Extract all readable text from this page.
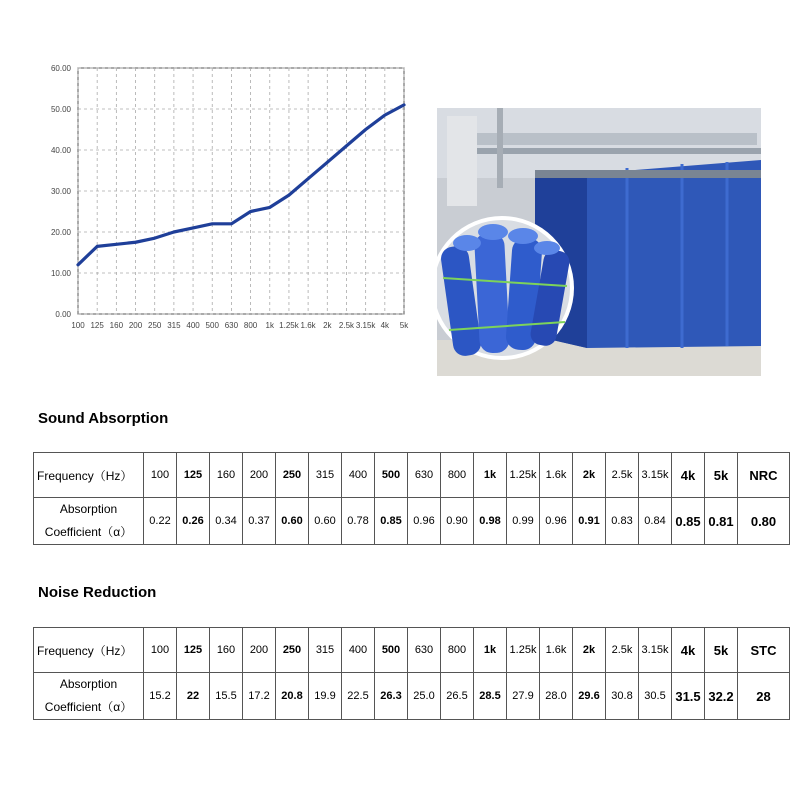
0.00
10.00
20.00
30.00
40.00
50.00
60.00
100 125 160 200 250 315 400 500 630 800 1k 1.25k 1.6k 2k 2.5k 3.15k 4k 5k
Sound Absorption
Frequency（Hz）	100	125	160	200	250	315	400	500	630	800	1k	1.25k	1.6k	2k	2.5k	3.15k	4k	5k	NRC

Absorption
Coefficient（α）	0.22	0.26	0.34	0.37	0.60	0.60	0.78	0.85	0.96	0.90	0.98	0.99	0.96	0.91	0.83	0.84	0.85	0.81	0.80
Noise Reduction
Frequency（Hz）	100	125	160	200	250	315	400	500	630	800	1k	1.25k	1.6k	2k	2.5k	3.15k	4k	5k	STC

Absorption
Coefficient（α）	15.2	22	15.5	17.2	20.8	19.9	22.5	26.3	25.0	26.5	28.5	27.9	28.0	29.6	30.8	30.5	31.5	32.2	28
